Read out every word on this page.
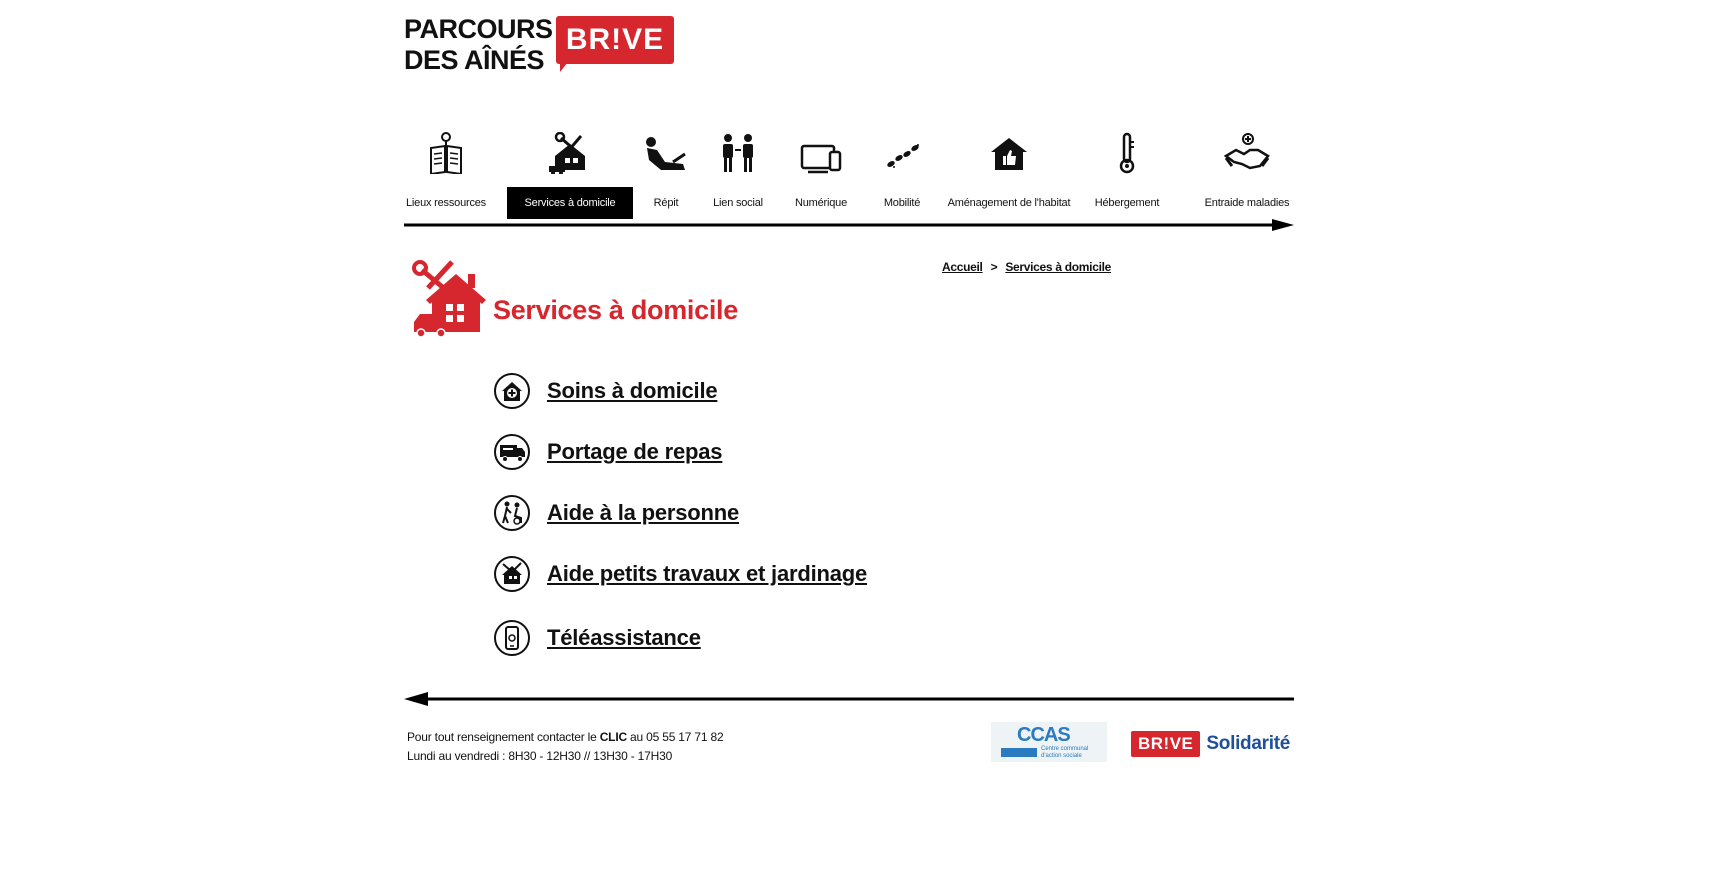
PARCOURS
DES AÎNÉS
BR!VE
Lieux ressources	Services à domicile	Répit	Lien social	Numérique	Mobilité	Aménagement de l'habitat	Hébergement	Entraide maladies
Accueil > Services à domicile
Services à domicile
Soins à domicile
Portage de repas
Aide à la personne
Aide petits travaux et jardinage
Téléassistance
Pour tout renseignement contacter le CLIC au 05 55 17 71 82
Lundi au vendredi : 8H30 - 12H30 // 13H30 - 17H30
CCAS
Centre communal d'action sociale
BR!VE Solidarité
